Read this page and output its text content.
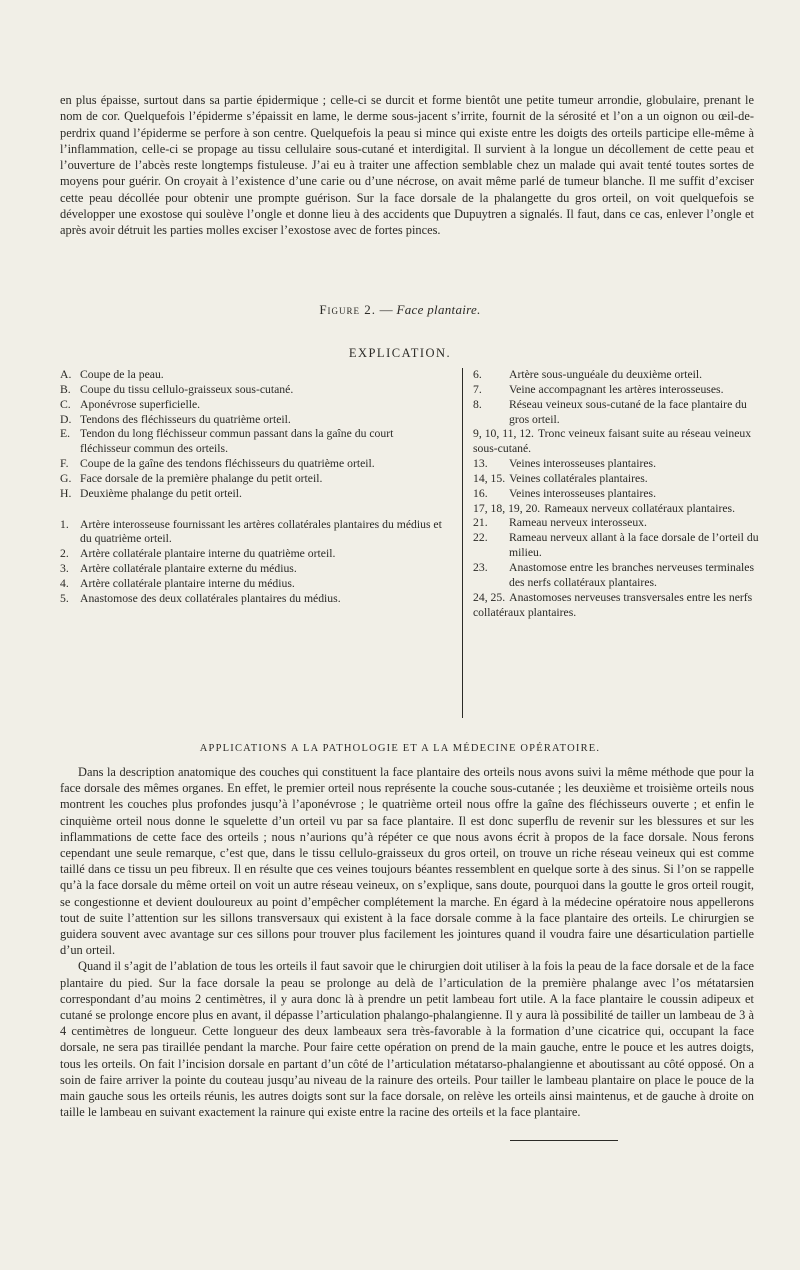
en plus épaisse, surtout dans sa partie épidermique ; celle-ci se durcit et forme bientôt une petite tumeur arrondie, globulaire, prenant le nom de cor. Quelquefois l’épiderme s’épaissit en lame, le derme sous-jacent s’irrite, fournit de la sérosité et l’on a un oignon ou œil-de-perdrix quand l’épiderme se perfore à son centre. Quelquefois la peau si mince qui existe entre les doigts des orteils participe elle-même à l’inflammation, celle-ci se propage au tissu cellulaire sous-cutané et interdigital. Il survient à la longue un décollement de cette peau et l’ouverture de l’abcès reste longtemps fistuleuse. J’ai eu à traiter une affection semblable chez un malade qui avait tenté toutes sortes de moyens pour guérir. On croyait à l’existence d’une carie ou d’une nécrose, on avait même parlé de tumeur blanche. Il me suffit d’exciser cette peau décollée pour obtenir une prompte guérison. Sur la face dorsale de la phalangette du gros orteil, on voit quelquefois se développer une exostose qui soulève l’ongle et donne lieu à des accidents que Dupuytren a signalés. Il faut, dans ce cas, enlever l’ongle et après avoir détruit les parties molles exciser l’exostose avec de fortes pinces.
Figure 2. — Face plantaire.
EXPLICATION.
A. Coupe de la peau.
B. Coupe du tissu cellulo-graisseux sous-cutané.
C. Aponévrose superficielle.
D. Tendons des fléchisseurs du quatrième orteil.
E. Tendon du long fléchisseur commun passant dans la gaîne du court fléchisseur commun des orteils.
F. Coupe de la gaîne des tendons fléchisseurs du quatrième orteil.
G. Face dorsale de la première phalange du petit orteil.
H. Deuxième phalange du petit orteil.
1. Artère interosseuse fournissant les artères collatérales plantaires du médius et du quatrième orteil.
2. Artère collatérale plantaire interne du quatrième orteil.
3. Artère collatérale plantaire externe du médius.
4. Artère collatérale plantaire interne du médius.
5. Anastomose des deux collatérales plantaires du médius.
6.	Artère sous-unguéale du deuxième orteil.
7.	Veine accompagnant les artères interosseuses.
8.	Réseau veineux sous-cutané de la face plantaire du gros orteil.
9, 10, 11, 12. Tronc veineux faisant suite au réseau veineux sous-cutané.
13.	Veines interosseuses plantaires.
14, 15. Veines collatérales plantaires.
16.	Veines interosseuses plantaires.
17, 18, 19, 20. Rameaux nerveux collatéraux plantaires.
21.	Rameau nerveux interosseux.
22.	Rameau nerveux allant à la face dorsale de l’orteil du milieu.
23.	Anastomose entre les branches nerveuses terminales des nerfs collatéraux plantaires.
24, 25. Anastomoses nerveuses transversales entre les nerfs collatéraux plantaires.
APPLICATIONS A LA PATHOLOGIE ET A LA MÉDECINE OPÉRATOIRE.

Dans la description anatomique des couches qui constituent la face plantaire des orteils nous avons suivi la même méthode que pour la face dorsale des mêmes organes. En effet, le premier orteil nous représente la couche sous-cutanée ; les deuxième et troisième orteils nous montrent les couches plus profondes jusqu’à l’aponévrose ; le quatrième orteil nous offre la gaîne des fléchisseurs ouverte ; et enfin le cinquième orteil nous donne le squelette d’un orteil vu par sa face plantaire. Il est donc superflu de revenir sur les blessures et sur les inflammations de cette face des orteils ; nous n’aurions qu’à répéter ce que nous avons écrit à propos de la face dorsale. Nous ferons cependant une seule remarque, c’est que, dans le tissu cellulo-graisseux du gros orteil, on trouve un riche réseau veineux qui est comme taillé dans ce tissu un peu fibreux. Il en résulte que ces veines toujours béantes ressemblent en quelque sorte à des sinus. Si l’on se rappelle qu’à la face dorsale du même orteil on voit un autre réseau veineux, on s’explique, sans doute, pourquoi dans la goutte le gros orteil rougit, se congestionne et devient douloureux au point d’empêcher complétement la marche. En égard à la médecine opératoire nous appellerons tout de suite l’attention sur les sillons transversaux qui existent à la face dorsale comme à la face plantaire des orteils. Le chirurgien se guidera souvent avec avantage sur ces sillons pour trouver plus facilement les jointures quand il voudra faire une désarticulation partielle d’un orteil.

Quand il s’agit de l’ablation de tous les orteils il faut savoir que le chirurgien doit utiliser à la fois la peau de la face dorsale et de la face plantaire du pied. Sur la face dorsale la peau se prolonge au delà de l’articulation de la première phalange avec l’os métatarsien correspondant d’au moins 2 centimètres, il y aura donc là à prendre un petit lambeau fort utile. A la face plantaire le coussin adipeux et cutané se prolonge encore plus en avant, il dépasse l’articulation phalango-phalangienne. Il y aura là possibilité de tailler un lambeau de 3 à 4 centimètres de longueur. Cette longueur des deux lambeaux sera très-favorable à la formation d’une cicatrice qui, occupant la face dorsale, ne sera pas tiraillée pendant la marche. Pour faire cette opération on prend de la main gauche, entre le pouce et les autres doigts, tous les orteils. On fait l’incision dorsale en partant d’un côté de l’articulation métatarso-phalangienne et aboutissant au côté opposé. On a soin de faire arriver la pointe du couteau jusqu’au niveau de la rainure des orteils. Pour tailler le lambeau plantaire on place le pouce de la main gauche sous les orteils réunis, les autres doigts sont sur la face dorsale, on relève les orteils ainsi maintenus, et de gauche à droite on taille le lambeau en suivant exactement la rainure qui existe entre la racine des orteils et la face plantaire.
